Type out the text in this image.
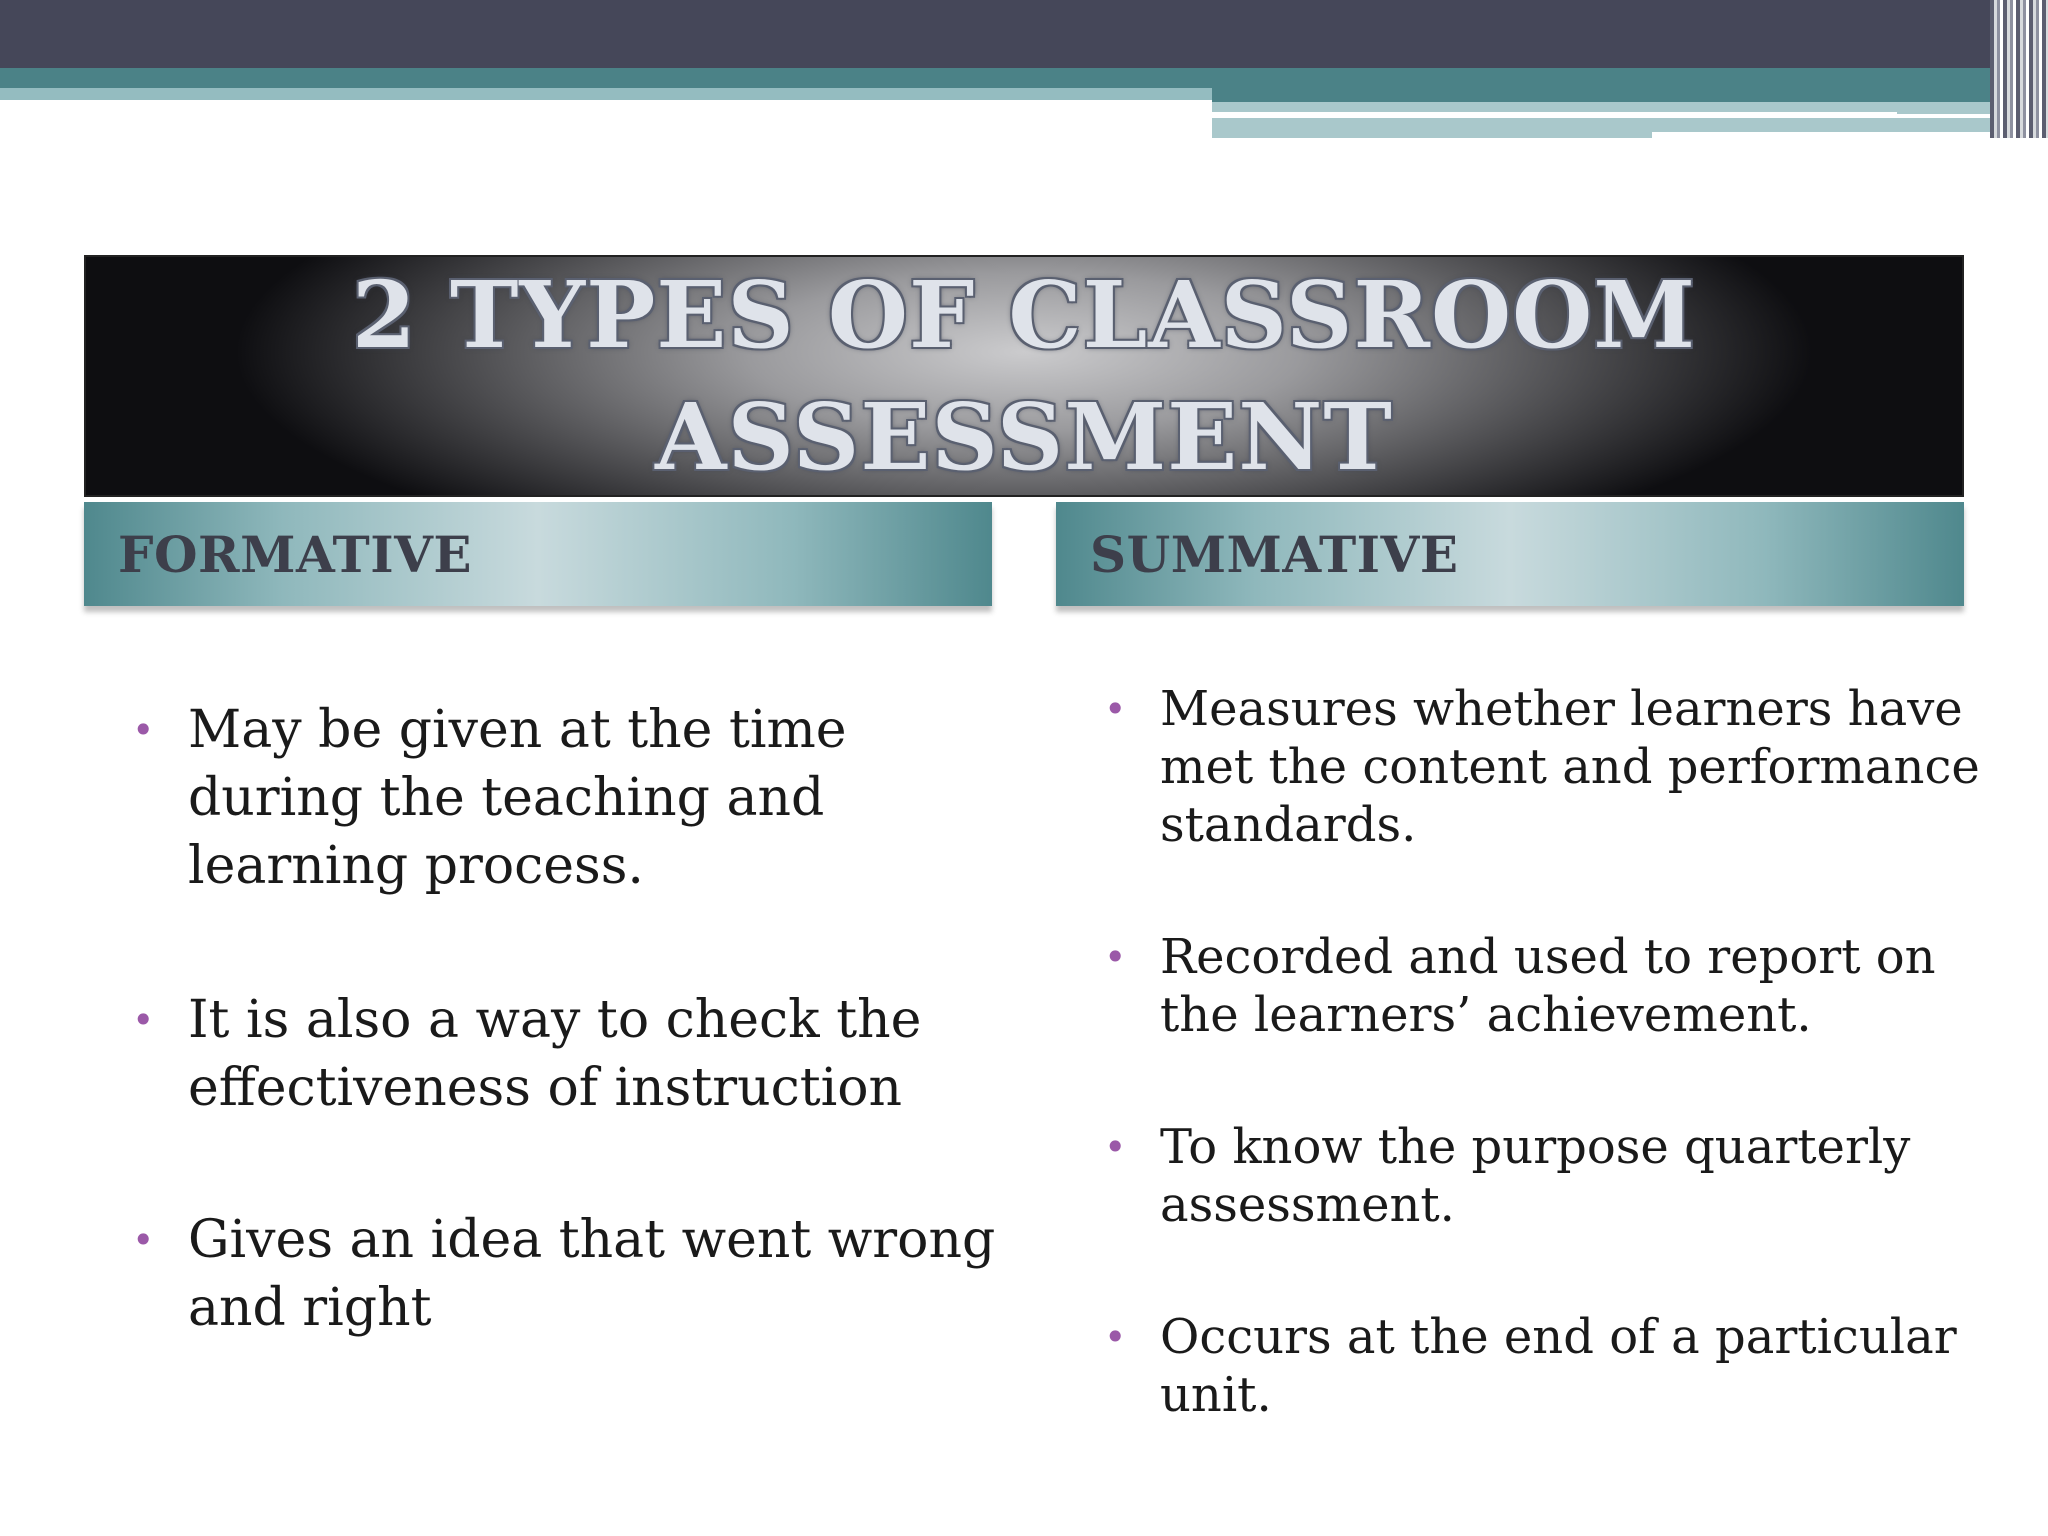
2 TYPES OF CLASSROOM ASSESSMENT
FORMATIVE	SUMMATIVE
• May be given at the time during the teaching and learning process.
• It is also a way to check the effectiveness of instruction
• Gives an idea that went wrong and right
• Measures whether learners have met the content and performance standards.
• Recorded and used to report on the learners’ achievement.
• To know the purpose quarterly assessment.
• Occurs at the end of a particular unit.
